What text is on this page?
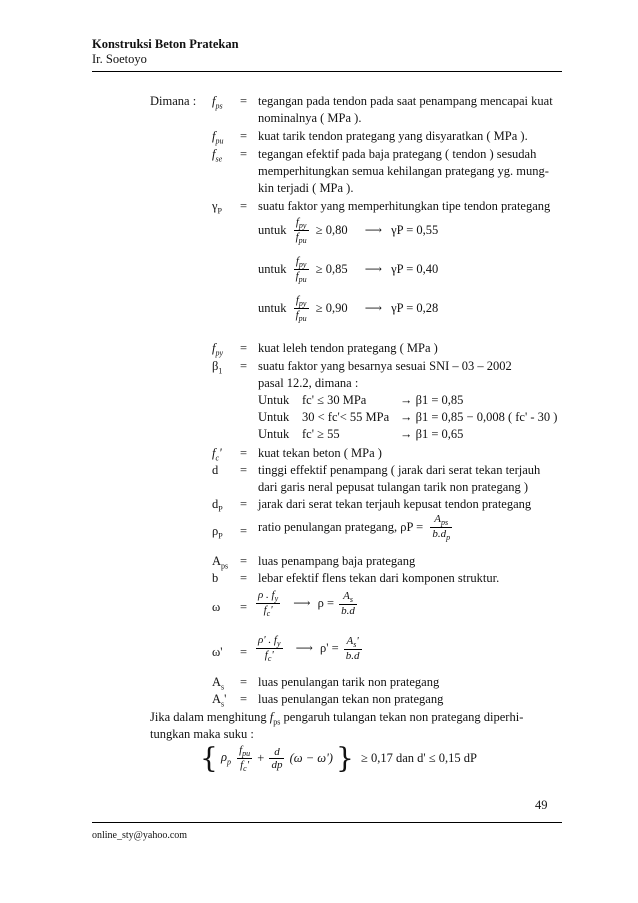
Konstruksi Beton Pratekan
Ir. Soetoyo
Dimana : $f_{ps}$ = tegangan pada tendon pada saat penampang mencapai kuat
nominalnya ( MPa ).
$f_{pu}$ = kuat tarik tendon prategang yang disyaratkan ( MPa ).
$f_{se}$ = tegangan efektif pada baja prategang ( tendon ) sesudah
memperhitungkan semua kehilangan prategang yg. mung-
kin terjadi ( MPa ).
$\gamma_P$ = suatu faktor yang memperhitungkan tipe tendon prategang
untuk $\frac{f_{py}}{f_{pu}} \ge 0,80$ ⟶ γP = 0,55
untuk $\frac{f_{py}}{f_{pu}} \ge 0,85$ ⟶ γP = 0,40
untuk $\frac{f_{py}}{f_{pu}} \ge 0,90$ ⟶ γP = 0,28
$f_{py}$ = kuat leleh tendon prategang ( MPa )
$\beta_1$ = suatu faktor yang besarnya sesuai SNI – 03 – 2002
pasal 12.2, dimana :
Untuk fc' ≤ 30 MPa	→ β1 = 0,85
Untuk 30 < fc'< 55 MPa → β1 = 0,85 − 0,008 ( fc' - 30 )
Untuk fc' ≥ 55	→ β1 = 0,65
$f_c'$ = kuat tekan beton ( MPa )
d = tinggi effektif penampang ( jarak dari serat tekan terjauh
dari garis neral pepusat tulangan tarik non prategang )
$d_P$ = jarak dari serat tekan terjauh kepusat tendon prategang
$\rho_P$ = ratio penulangan prategang, $\rho P = \frac{A_{ps}}{b.d_p}$
$A_{ps}$ = luas penampang baja prategang
b = lebar efektif flens tekan dari komponen struktur.
$\omega = \frac{\rho . f_y}{f_c'}$ ⟶ $\rho = \frac{A_s}{b.d}$
$\omega' = \frac{\rho' . f_y}{f_c'}$ ⟶ $\rho' = \frac{A_s'}{b.d}$
$A_s$ = luas penulangan tarik non prategang
$A_s'$ = luas penulangan tekan non prategang
Jika dalam menghitung $f_{ps}$ pengaruh tulangan tekan non prategang diperhi-
tungkan maka suku :
{ $\rho_p \frac{f_{pu}}{f_c'} + \frac{d}{dp} (\omega - \omega')$ } ≥ 0,17 dan d' ≤ 0,15 dP
49
online_sty@yahoo.com
